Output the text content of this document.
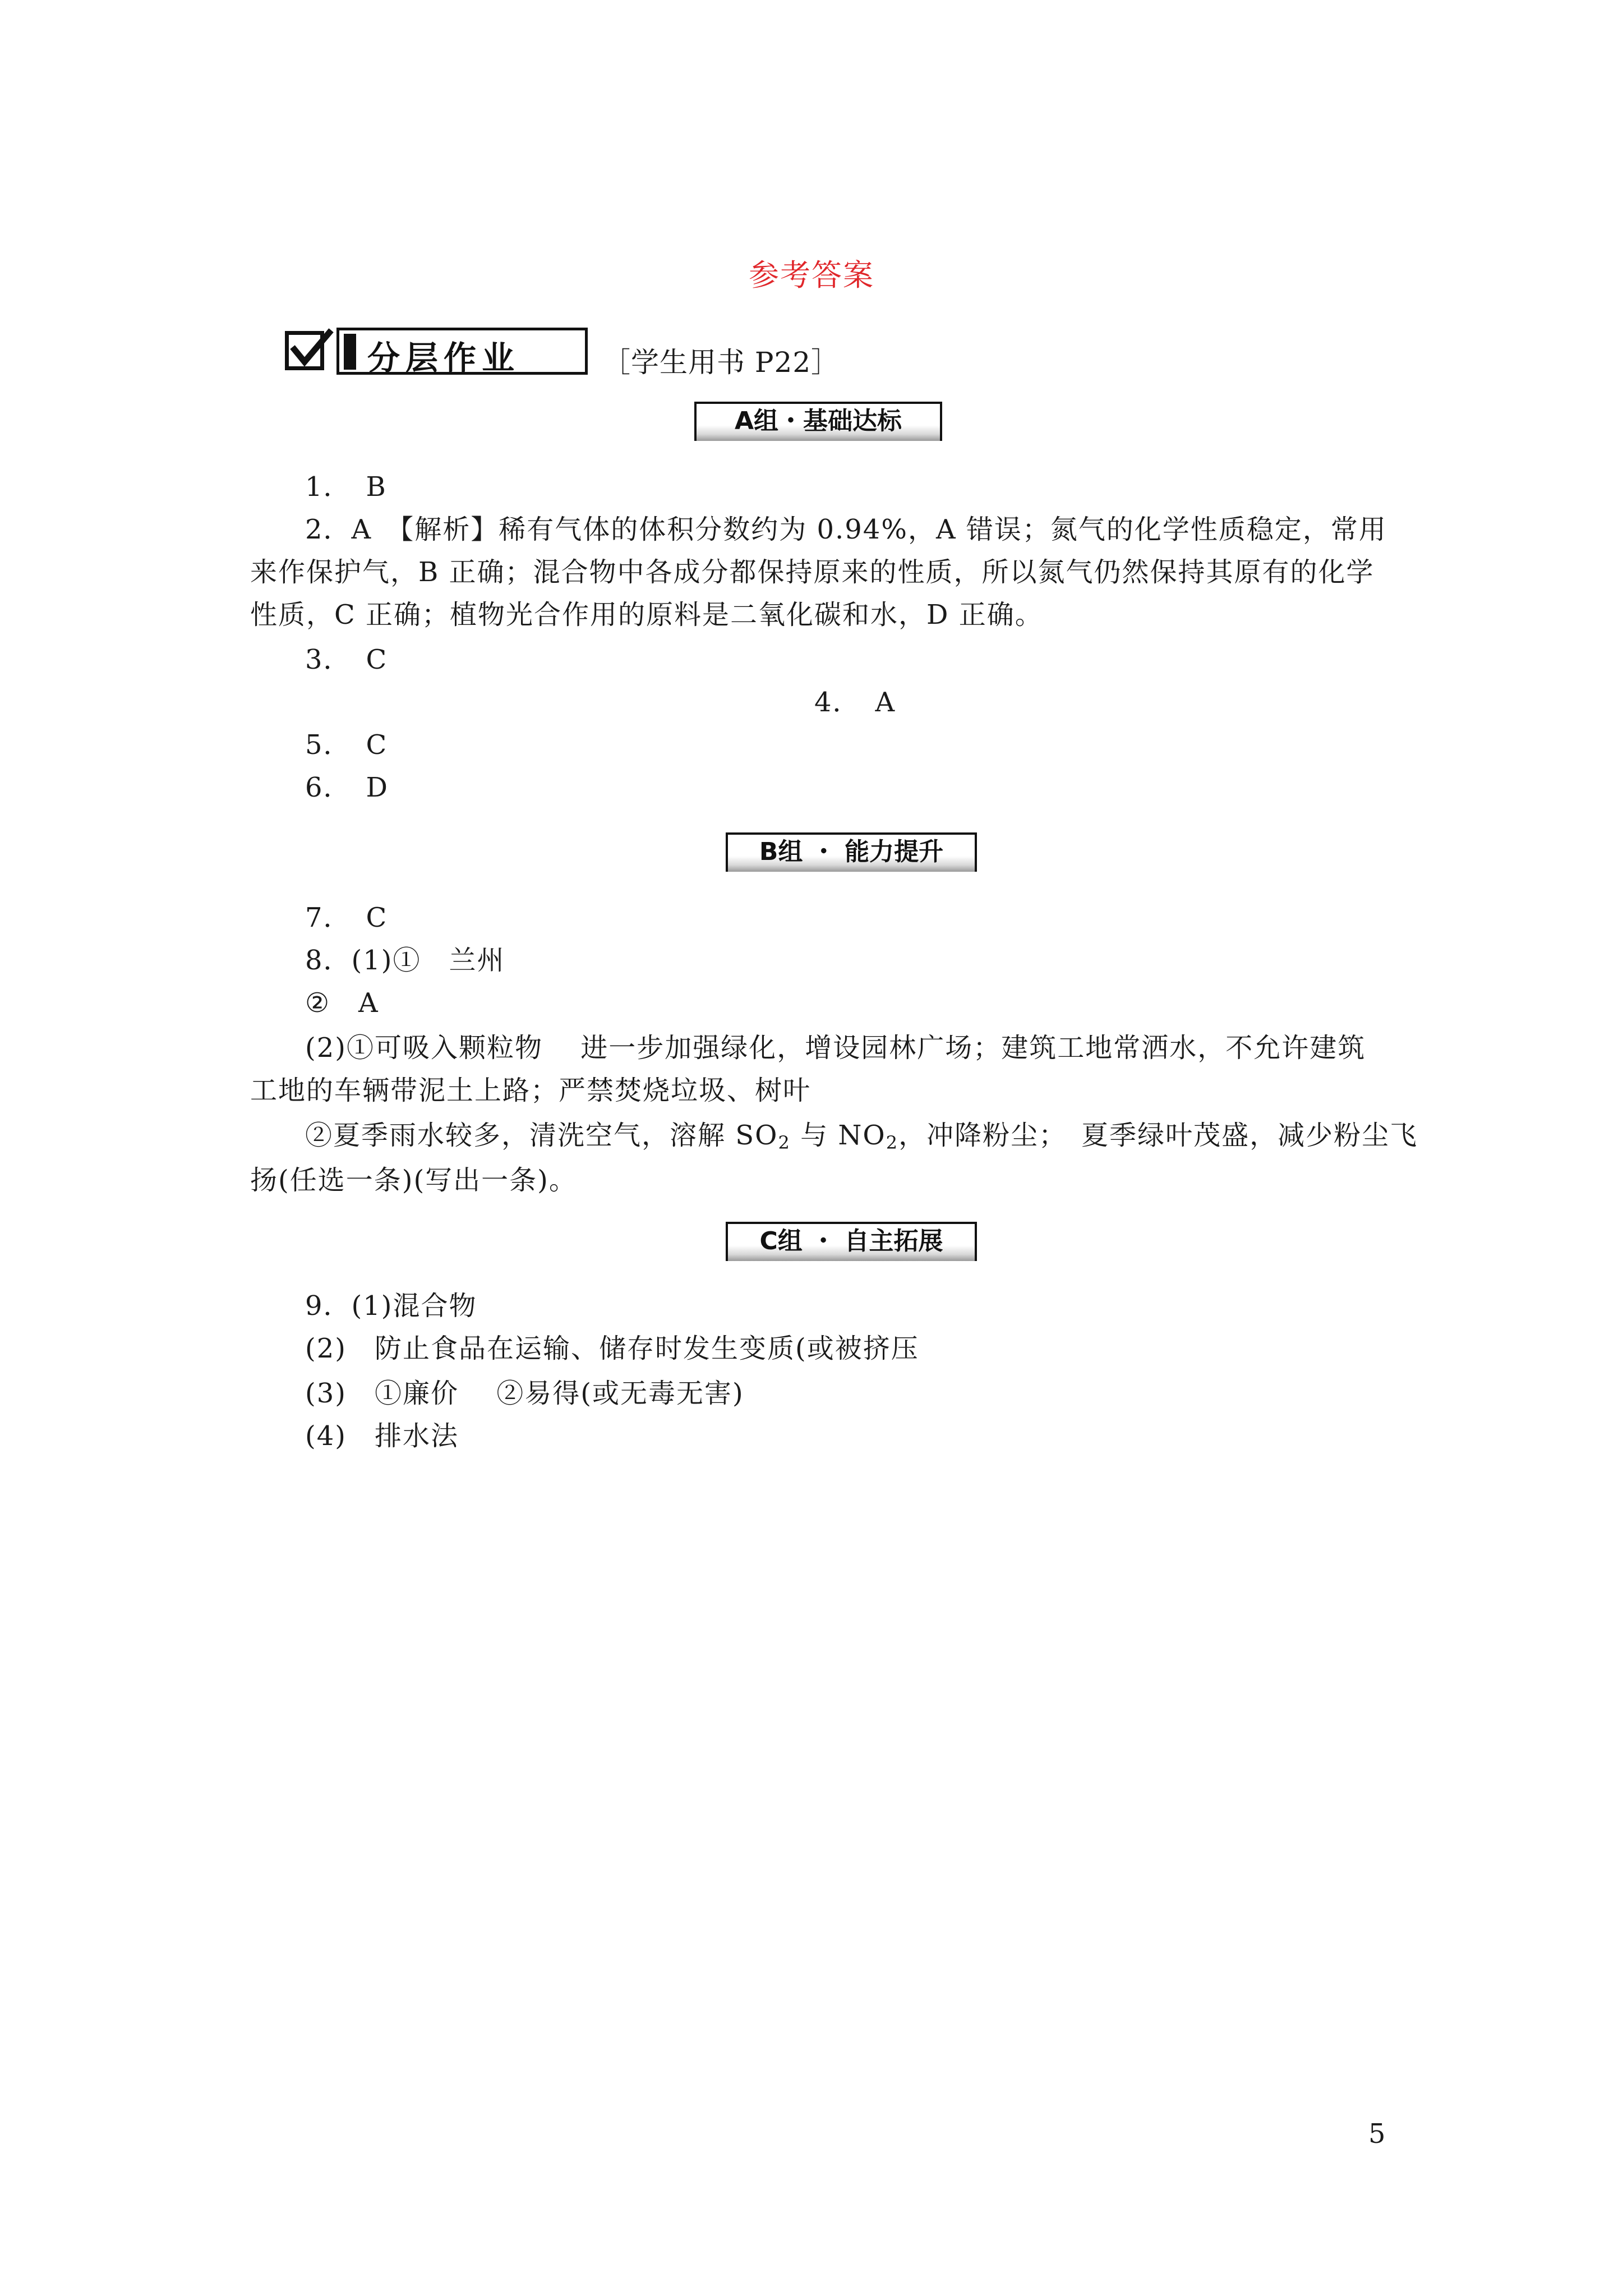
参考答案
分层作业	［学生用书 P22］
A组・基础达标
1．　B
2．A　【解析】稀有气体的体积分数约为 0.94%，A 错误；氮气的化学性质稳定，常用
来作保护气，B 正确；混合物中各成分都保持原来的性质，所以氮气仍然保持其原有的化学
性质，C 正确；植物光合作用的原料是二氧化碳和水，D 正确。
3．　C
4．　A
5．　C
6．　D
B组 ・ 能力提升
7．　C
8．(1)①　兰州
②　A
(2)①可吸入颗粒物　 进一步加强绿化，增设园林广场；建筑工地常洒水，不允许建筑
工地的车辆带泥土上路；严禁焚烧垃圾、树叶
②夏季雨水较多，清洗空气，溶解 $SO_2$ 与 $NO_2$，冲降粉尘；　夏季绿叶茂盛，减少粉尘飞
扬(任选一条)(写出一条)。
C组 ・ 自主拓展
9．(1)混合物
(2)　防止食品在运输、储存时发生变质(或被挤压
(3)　①廉价　 ②易得(或无毒无害)
(4)　排水法
5
